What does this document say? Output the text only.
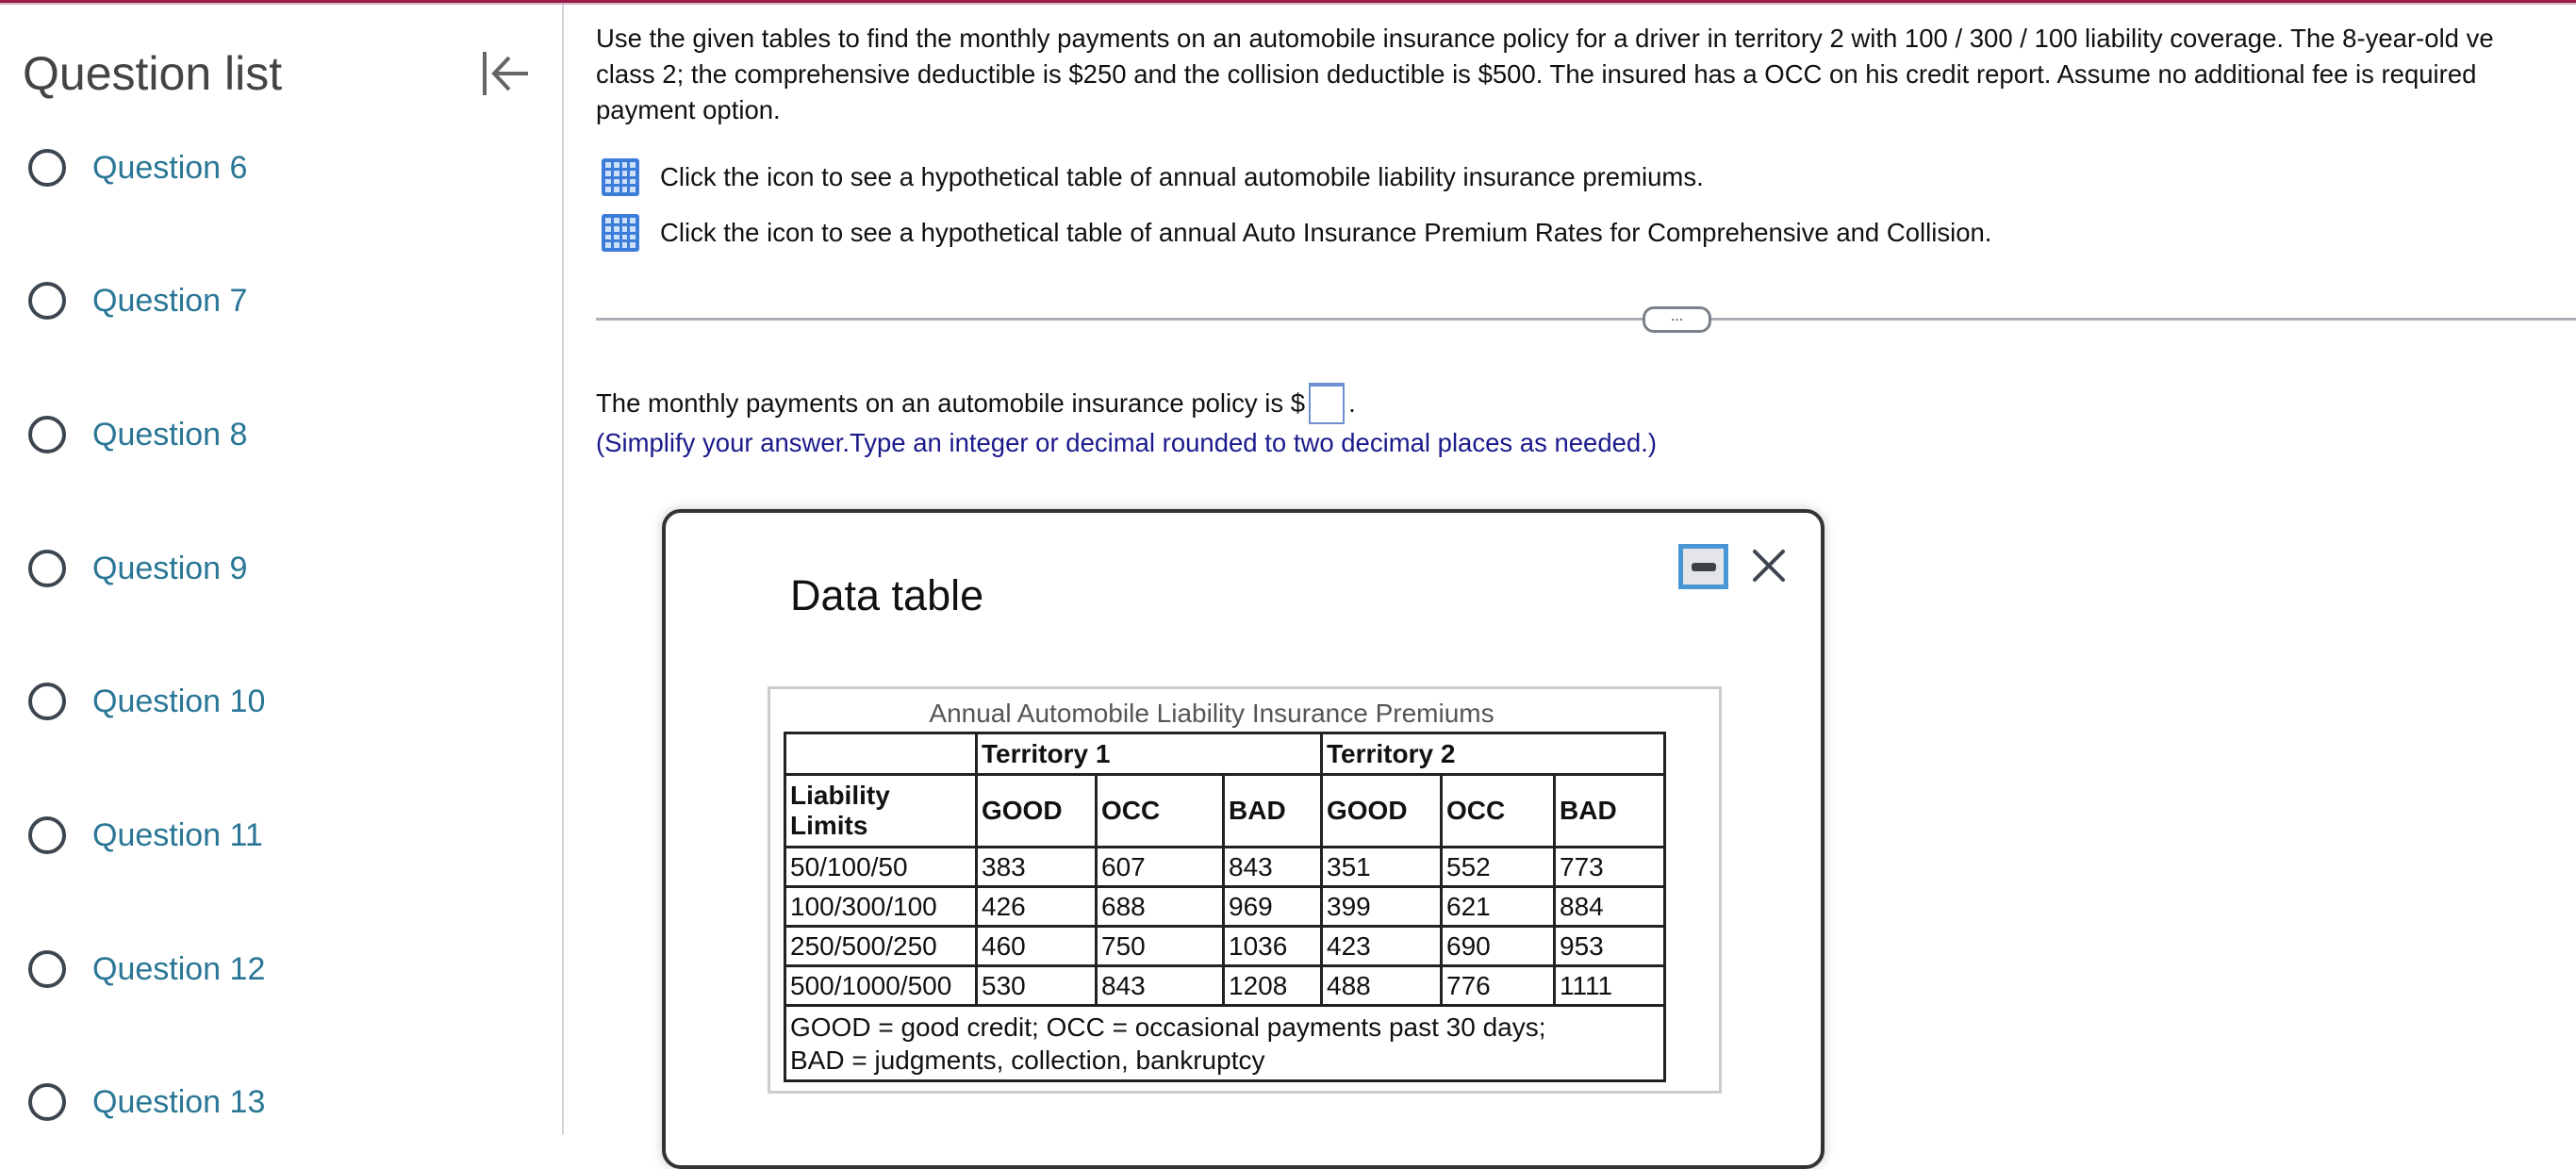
Question list
Question 6
Question 7
Question 8
Question 9
Question 10
Question 11
Question 12
Question 13
Use the given tables to find the monthly payments on an automobile insurance policy for a driver in territory 2 with 100 / 300 / 100 liability coverage. The 8-year-old ve
class 2; the comprehensive deductible is $250 and the collision deductible is $500. The insured has a OCC on his credit report. Assume no additional fee is required
payment option.
Click the icon to see a hypothetical table of annual automobile liability insurance premiums.
Click the icon to see a hypothetical table of annual Auto Insurance Premium Rates for Comprehensive and Collision.
...
The monthly payments on an automobile insurance policy is $ .
(Simplify your answer.Type an integer or decimal rounded to two decimal places as needed.)
Data table
Annual Automobile Liability Insurance Premiums
	Territory 1			Territory 2		
Liability Limits	GOOD	OCC	BAD	GOOD	OCC	BAD
50/100/50	383	607	843	351	552	773
100/300/100	426	688	969	399	621	884
250/500/250	460	750	1036	423	690	953
500/1000/500	530	843	1208	488	776	1111

GOOD = good credit; OCC = occasional payments past 30 days;
BAD = judgments, collection, bankruptcy						
